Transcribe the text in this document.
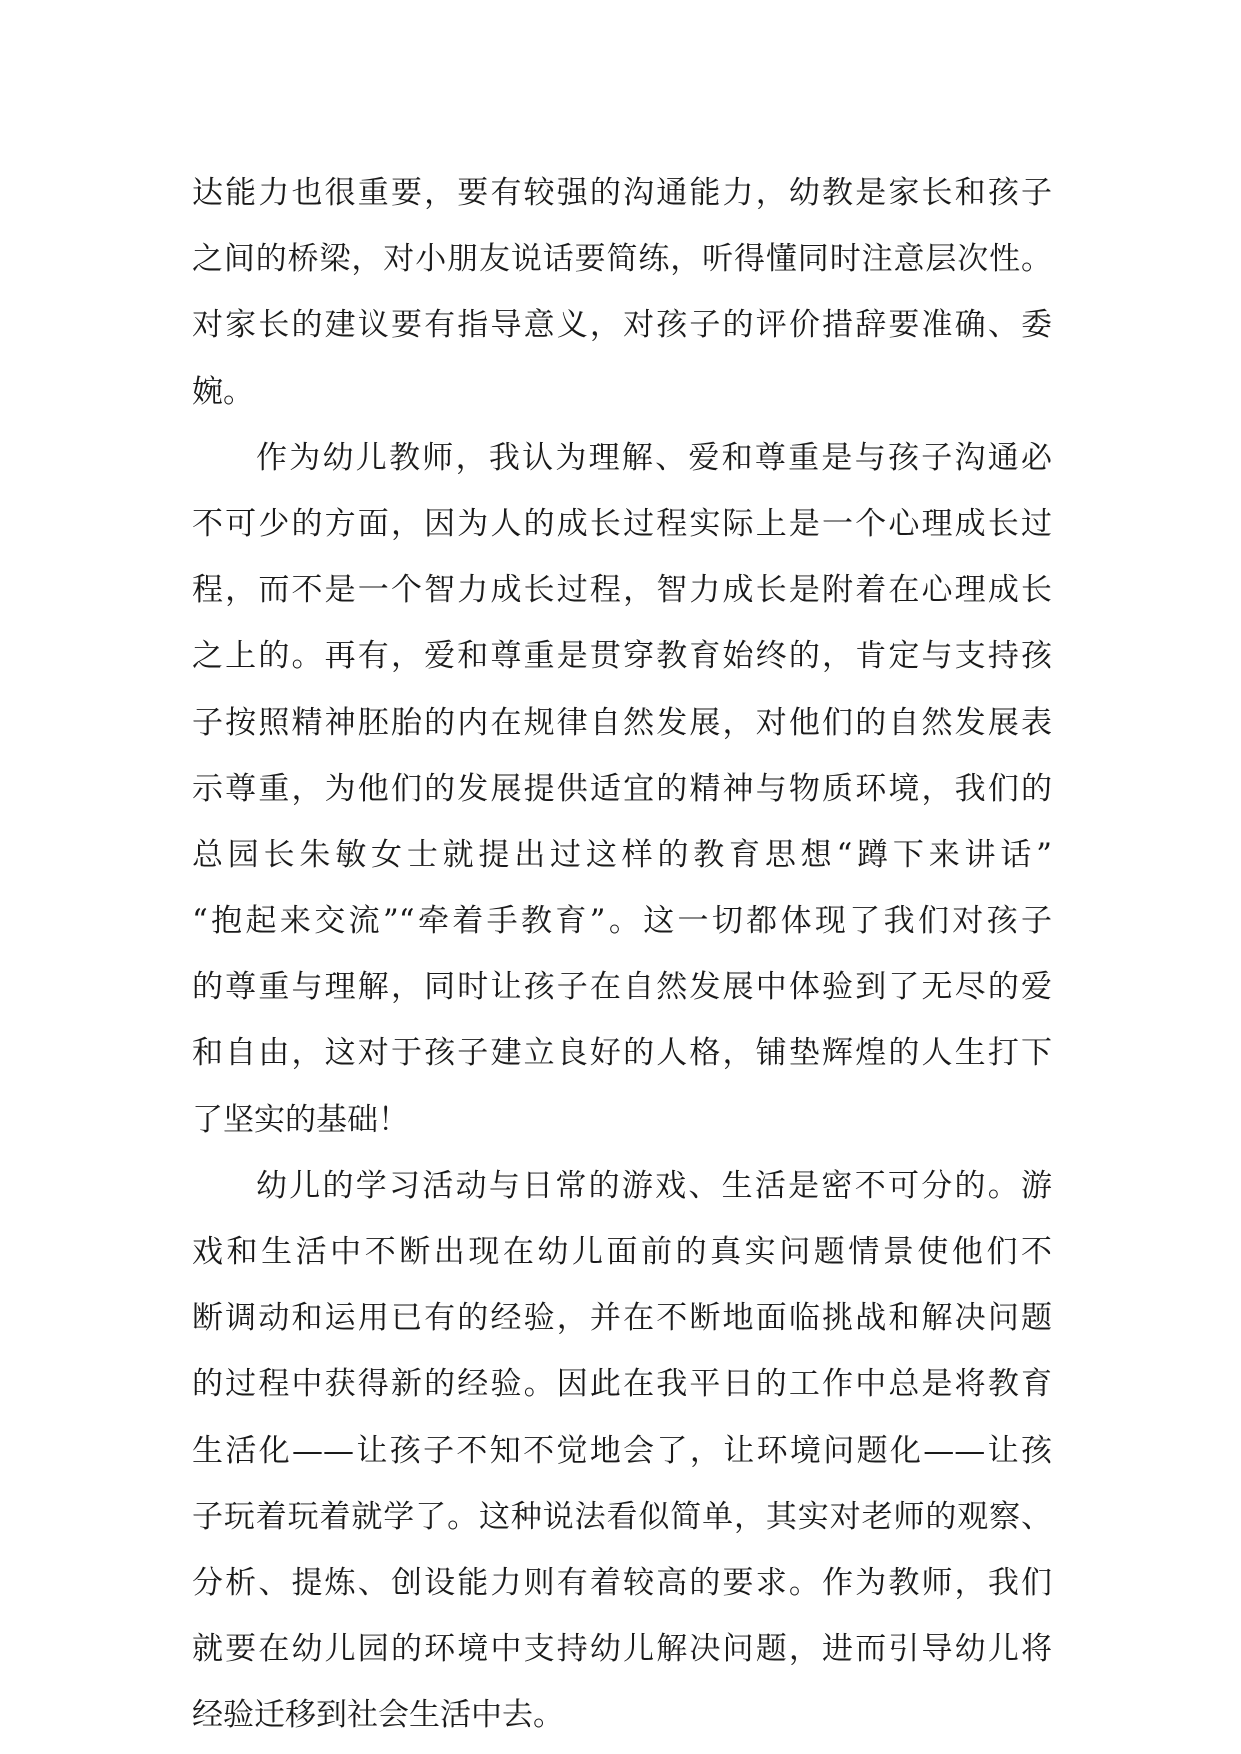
达能力也很重要，要有较强的沟通能力，幼教是家长和孩子
之间的桥梁，对小朋友说话要简练，听得懂同时注意层次性。
对家长的建议要有指导意义，对孩子的评价措辞要准确、委
婉。
作为幼儿教师，我认为理解、爱和尊重是与孩子沟通必
不可少的方面，因为人的成长过程实际上是一个心理成长过
程，而不是一个智力成长过程，智力成长是附着在心理成长
之上的。再有，爱和尊重是贯穿教育始终的，肯定与支持孩
子按照精神胚胎的内在规律自然发展，对他们的自然发展表
示尊重，为他们的发展提供适宜的精神与物质环境，我们的
总园长朱敏女士就提出过这样的教育思想“蹲下来讲话”
“抱起来交流”“牵着手教育”。这一切都体现了我们对孩子
的尊重与理解，同时让孩子在自然发展中体验到了无尽的爱
和自由，这对于孩子建立良好的人格，铺垫辉煌的人生打下
了坚实的基础！
幼儿的学习活动与日常的游戏、生活是密不可分的。游
戏和生活中不断出现在幼儿面前的真实问题情景使他们不
断调动和运用已有的经验，并在不断地面临挑战和解决问题
的过程中获得新的经验。因此在我平日的工作中总是将教育
生活化——让孩子不知不觉地会了，让环境问题化——让孩
子玩着玩着就学了。这种说法看似简单，其实对老师的观察、
分析、提炼、创设能力则有着较高的要求。作为教师，我们
就要在幼儿园的环境中支持幼儿解决问题，进而引导幼儿将
经验迁移到社会生活中去。
